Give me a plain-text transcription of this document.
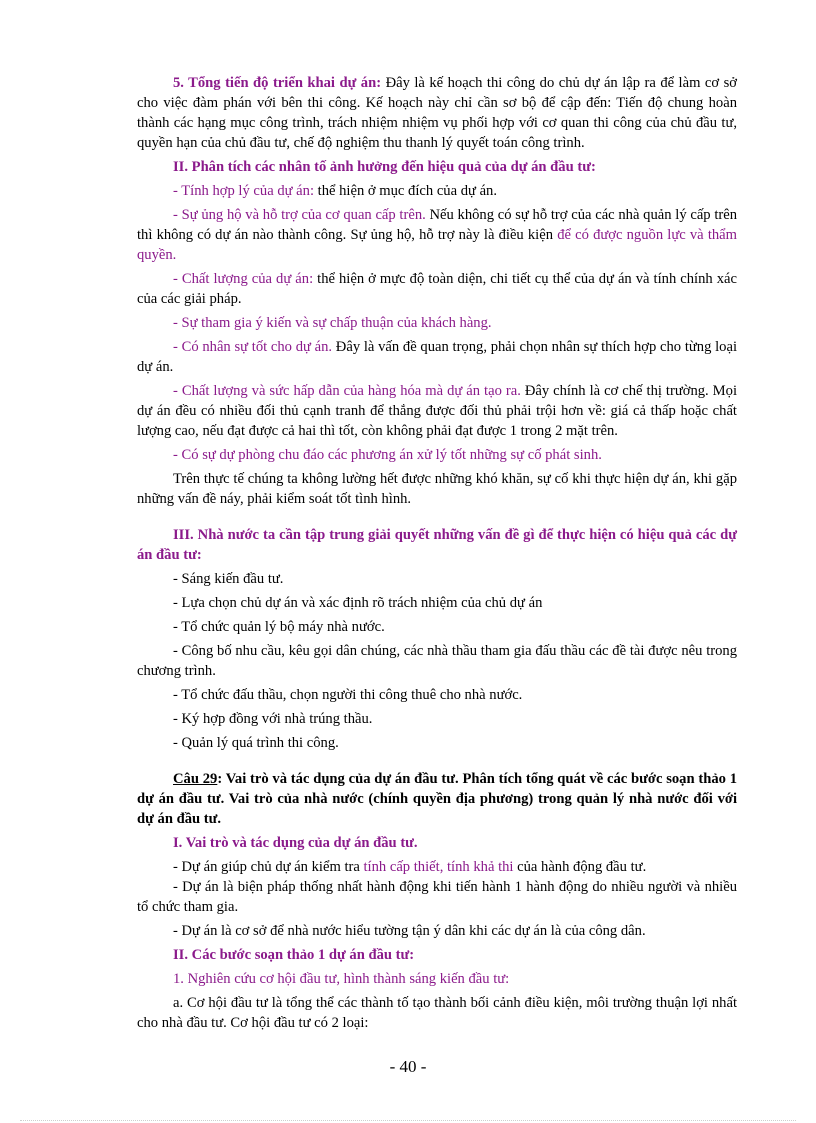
5. Tổng tiến độ triển khai dự án: Đây là kế hoạch thi công do chủ dự án lập ra để làm cơ sở cho việc đàm phán với bên thi công. Kế hoạch này chỉ cần sơ bộ để cập đến: Tiến độ chung hoàn thành các hạng mục công trình, trách nhiệm nhiệm vụ phối hợp với cơ quan thi công của chủ đầu tư, quyền hạn của chủ đầu tư, chế độ nghiệm thu thanh lý quyết toán công trình.

II. Phân tích các nhân tố ảnh hưởng đến hiệu quả của dự án đầu tư:

- Tính hợp lý của dự án: thể hiện ở mục đích của dự án.

- Sự ủng hộ và hỗ trợ của cơ quan cấp trên. Nếu không có sự hỗ trợ của các nhà quản lý cấp trên thì không có dự án nào thành công. Sự ủng hộ, hỗ trợ này là điều kiện để có được nguồn lực và thẩm quyền.

- Chất lượng của dự án: thể hiện ở mực độ toàn diện, chi tiết cụ thể của dự án và tính chính xác của các giải pháp.

- Sự tham gia ý kiến và sự chấp thuận của khách hàng.

- Có nhân sự tốt cho dự án. Đây là vấn đề quan trọng, phải chọn nhân sự thích hợp cho từng loại dự án.

- Chất lượng và sức hấp dẫn của hàng hóa mà dự án tạo ra. Đây chính là cơ chế thị trường. Mọi dự án đều có nhiều đối thủ cạnh tranh để thắng được đối thủ phải trội hơn về: giá cả thấp hoặc chất lượng cao, nếu đạt được cả hai thì tốt, còn không phải đạt được 1 trong 2 mặt trên.

- Có sự dự phòng chu đáo các phương án xử lý tốt những sự cố phát sinh.

Trên thực tế chúng ta không lường hết được những khó khăn, sự cố khi thực hiện dự án, khi gặp những vấn đề náy, phải kiểm soát tốt tình hình.

III. Nhà nước ta cần tập trung giải quyết những vấn đề gì để thực hiện có hiệu quả các dự án đầu tư:

- Sáng kiến đầu tư.

- Lựa chọn chủ dự án và xác định rõ trách nhiệm của chủ dự án

- Tổ chức quản lý bộ máy nhà nước.

- Công bố nhu cầu, kêu gọi dân chúng, các nhà thầu tham gia đấu thầu các đề tài được nêu trong chương trình.

- Tổ chức đấu thầu, chọn người thi công thuê cho nhà nước.

- Ký hợp đồng với nhà trúng thầu.

- Quản lý quá trình thi công.

Câu 29: Vai trò và tác dụng của dự án đầu tư. Phân tích tổng quát về các bước soạn thảo 1 dự án đầu tư. Vai trò của nhà nước (chính quyền địa phương) trong quản lý nhà nước đối với dự án đầu tư.

I. Vai trò và tác dụng của dự án đầu tư.

- Dự án giúp chủ dự án kiểm tra tính cấp thiết, tính khả thi của hành động đầu tư.

- Dự án là biện pháp thống nhất hành động khi tiến hành 1 hành động do nhiều người và nhiều tổ chức tham gia.

- Dự án là cơ sở để nhà nước hiểu tường tận ý dân khi các dự án là của công dân.

II. Các bước soạn thảo 1 dự án đầu tư:

1. Nghiên cứu cơ hội đầu tư, hình thành sáng kiến đầu tư:

a. Cơ hội đầu tư là tổng thể các thành tố tạo thành bối cảnh điều kiện, môi trường thuận lợi nhất cho nhà đầu tư. Cơ hội đầu tư có 2 loại:

- 40 -
